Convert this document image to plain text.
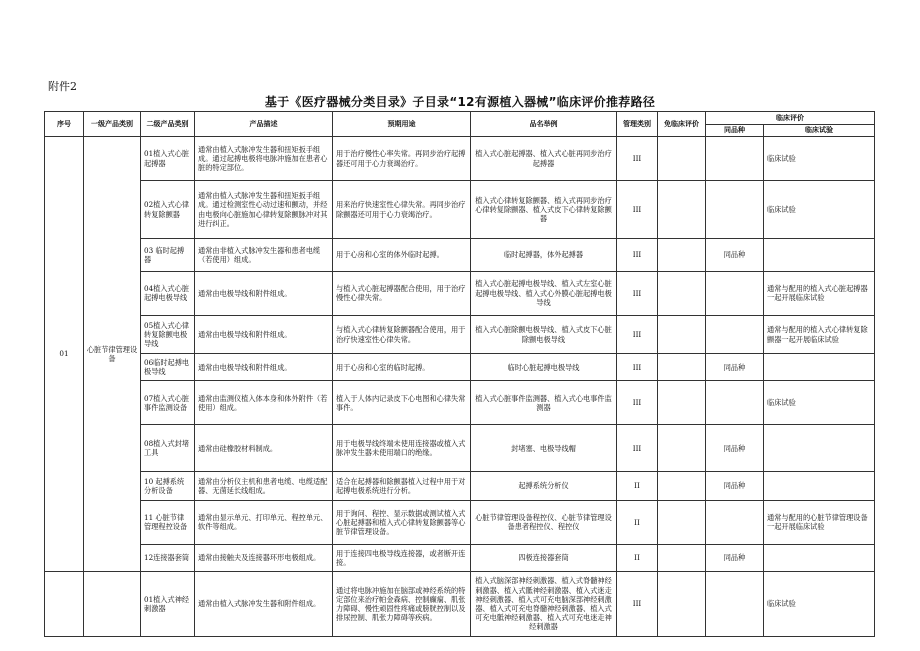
附件2
基于《医疗器械分类目录》子目录“12有源植入器械”临床评价推荐路径
序号	一级产品类别	二级产品类别	产品描述	预期用途	品名举例	管理类别	免临床评价	临床评价	
								同品种	临床试验

01	心脏节律管理设备	01植入式心脏起搏器	通常由植入式脉冲发生器和扭矩扳手组成。通过起搏电极将电脉冲施加在患者心脏的特定部位。	用于治疗慢性心率失常。再同步治疗起搏器还可用于心力衰竭治疗。	植入式心脏起搏器、植入式心脏再同步治疗起搏器	III			临床试验
		02植入式心律转复除颤器	通常由植入式脉冲发生器和扭矩扳手组成。通过检测室性心动过速和颤动，并经由电极向心脏施加心律转复除颤脉冲对其进行纠正。	用来治疗快速室性心律失常。再同步治疗除颤器还可用于心力衰竭治疗。	植入式心律转复除颤器、植入式再同步治疗心律转复除颤器、植入式皮下心律转复除颤器	III			临床试验
		03 临时起搏器	通常由非植入式脉冲发生器和患者电缆（若使用）组成。	用于心房和心室的体外临时起搏。	临时起搏器，体外起搏器	III		同品种	
		04植入式心脏起搏电极导线	通常由电极导线和附件组成。	与植入式心脏起搏器配合使用，用于治疗慢性心律失常。	植入式心脏起搏电极导线、植入式左室心脏起搏电极导线、植入式心外膜心脏起搏电极导线	III			通常与配用的植入式心脏起搏器一起开展临床试验
		05植入式心律转复除颤电极导线	通常由电极导线和附件组成。	与植入式心律转复除颤器配合使用，用于治疗快速室性心律失常。	植入式心脏除颤电极导线、植入式皮下心脏除颤电极导线	III			通常与配用的植入式心律转复除颤器一起开展临床试验
		06临时起搏电极导线	通常由电极导线和附件组成。	用于心房和心室的临时起搏。	临时心脏起搏电极导线	III		同品种	
		07植入式心脏事件监测设备	通常由监测仪植入体本身和体外附件（若使用）组成。	植入于人体内记录皮下心电图和心律失常事件。	植入式心脏事件监测器、植入式心电事件监测器	III			临床试验
		08植入式封堵工具	通常由硅橡胶材料制成。	用于电极导线终端未使用连接器或植入式脉冲发生器未使用端口的绝缘。	封堵塞、电极导线帽	III		同品种	
		10 起搏系统分析设备	通常由分析仪主机和患者电缆、电缆适配器、无菌延长线组成。	适合在起搏器和除颤器植入过程中用于对起搏电极系统进行分析。	起搏系统分析仪	II		同品种	
		11 心脏节律管理程控设备	通常由显示单元、打印单元、程控单元、软件等组成。	用于询问、程控、显示数据或测试植入式心脏起搏器和植入式心律转复除颤器等心脏节律管理设备。	心脏节律管理设备程控仪、心脏节律管理设备患者程控仪、程控仪	II			通常与配用的心脏节律管理设备一起开展临床试验
		12连接器套筒	通常由接触夫及连接器环形电极组成。	用于连接四电极导线连接器，或者断开连接。	四极连接器套筒	II		同品种	

	01植入式神经刺激器	通常由植入式脉冲发生器和附件组成。	通过将电脉冲施加在脑部或神经系统的特定部位来治疗帕金森病、控制癫痫、肌张力障碍、慢性顽固性疼痛或膀胱控制以及排尿控制、肌张力障碍等疾病。	植入式脑深部神经刺激器、植入式脊髓神经刺激器、植入式骶神经刺激器、植入式迷走神经刺激器、植入式可充电脑深部神经刺激器、植入式可充电脊髓神经刺激器、植入式可充电骶神经刺激器、植入式可充电迷走神经刺激器	III			临床试验
